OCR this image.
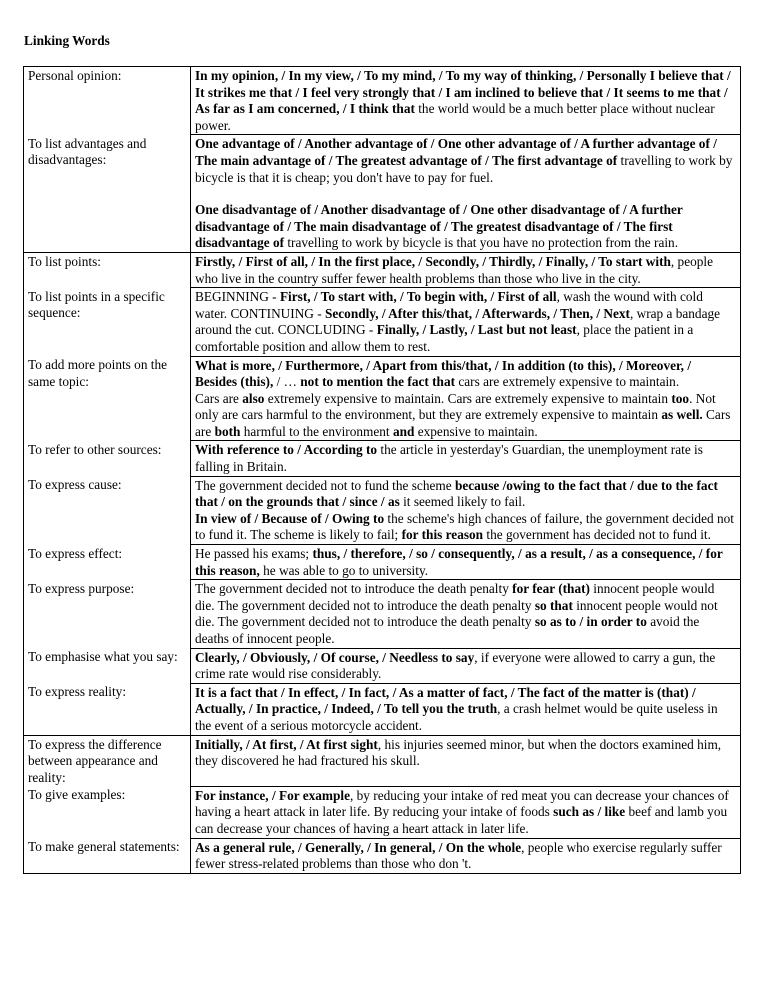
Linking Words
Personal opinion:	In my opinion, / In my view, / To my mind, / To my way of thinking, / Personally I believe that / It strikes me that / I feel very strongly that / I am inclined to believe that / It seems to me that / As far as I am concerned, / I think that the world would be a much better place without nuclear power.

To list advantages and disadvantages:	One advantage of / Another advantage of / One other advantage of / A further advantage of / The main advantage of / The greatest advantage of / The first advantage of travelling to work by bicycle is that it is cheap; you don't have to pay for fuel.
One disadvantage of / Another disadvantage of / One other disadvantage of / A further disadvantage of / The main disadvantage of / The greatest disadvantage of / The first disadvantage of travelling to work by bicycle is that you have no protection from the rain.

To list points:	Firstly, / First of all, / In the first place, / Secondly, / Thirdly, / Finally, / To start with, people who live in the country suffer fewer health problems than those who live in the city.

To list points in a specific sequence:	BEGINNING - First, / To start with, / To begin with, / First of all, wash the wound with cold water. CONTINUING - Secondly, / After this/that, / Afterwards, / Then, / Next, wrap a bandage around the cut. CONCLUDING - Finally, / Lastly, / Last but not least, place the patient in a comfortable position and allow them to rest.

To add more points on the same topic:	What is more, / Furthermore, / Apart from this/that, / In addition (to this), / Moreover, / Besides (this), / … not to mention the fact that cars are extremely expensive to maintain.
Cars are also extremely expensive to maintain. Cars are extremely expensive to maintain too. Not only are cars harmful to the environment, but they are extremely expensive to maintain as well. Cars are both harmful to the environment and expensive to maintain.

To refer to other sources:	With reference to / According to the article in yesterday's Guardian, the unemployment rate is falling in Britain.

To express cause:	The government decided not to fund the scheme because /owing to the fact that / due to the fact that / on the grounds that / since / as it seemed likely to fail.
In view of / Because of / Owing to the scheme's high chances of failure, the government decided not to fund it. The scheme is likely to fail; for this reason the government has decided not to fund it.

To express effect:	He passed his exams; thus, / therefore, / so / consequently, / as a result, / as a consequence, / for this reason, he was able to go to university.

To express purpose:	The government decided not to introduce the death penalty for fear (that) innocent people would die. The government decided not to introduce the death penalty so that innocent people would not die. The government decided not to introduce the death penalty so as to / in order to avoid the deaths of innocent people.

To emphasise what you say:	Clearly, / Obviously, / Of course, / Needless to say, if everyone were allowed to carry a gun, the crime rate would rise considerably.

To express reality:	It is a fact that / In effect, / In fact, / As a matter of fact, / The fact of the matter is (that) / Actually, / In practice, / Indeed, / To tell you the truth, a crash helmet would be quite useless in the event of a serious motorcycle accident.

To express the difference between appearance and reality:	Initially, / At first, / At first sight, his injuries seemed minor, but when the doctors examined him, they discovered he had fractured his skull.

To give examples:	For instance, / For example, by reducing your intake of red meat you can decrease your chances of having a heart attack in later life. By reducing your intake of foods such as / like beef and lamb you can decrease your chances of having a heart attack in later life.

To make general statements:	As a general rule, / Generally, / In general, / On the whole, people who exercise regularly suffer fewer stress-related problems than those who don 't.
